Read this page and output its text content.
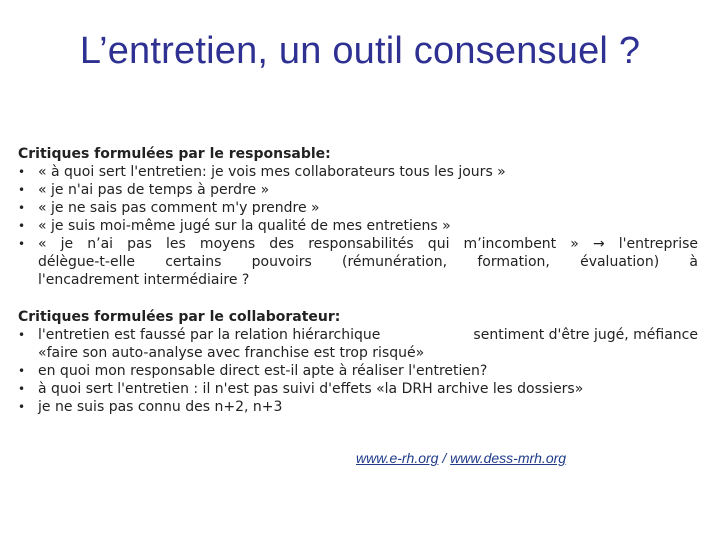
L’entretien, un outil consensuel ?

Critiques formulées par le responsable:

• « à quoi sert l'entretien: je vois mes collaborateurs tous les jours »
• « je n'ai pas de temps à perdre »
• « je ne sais pas comment m'y prendre »
• « je suis moi-même jugé sur la qualité de mes entretiens »
• « je n’ai pas les moyens des responsabilités qui m’incombent » → l'entreprise
délègue-t-elle certains pouvoirs (rémunération, formation, évaluation) à
l'encadrement intermédiaire ?

Critiques formulées par le collaborateur:

• l'entretien est faussé par la relation hiérarchique	sentiment d'être jugé, méfiance
«faire son auto-analyse avec franchise est trop risqué»
• en quoi mon responsable direct est-il apte à réaliser l'entretien?
• à quoi sert l'entretien : il n'est pas suivi d'effets «la DRH archive les dossiers»
• je ne suis pas connu des n+2, n+3
www.e-rh.org / www.dess-mrh.org
